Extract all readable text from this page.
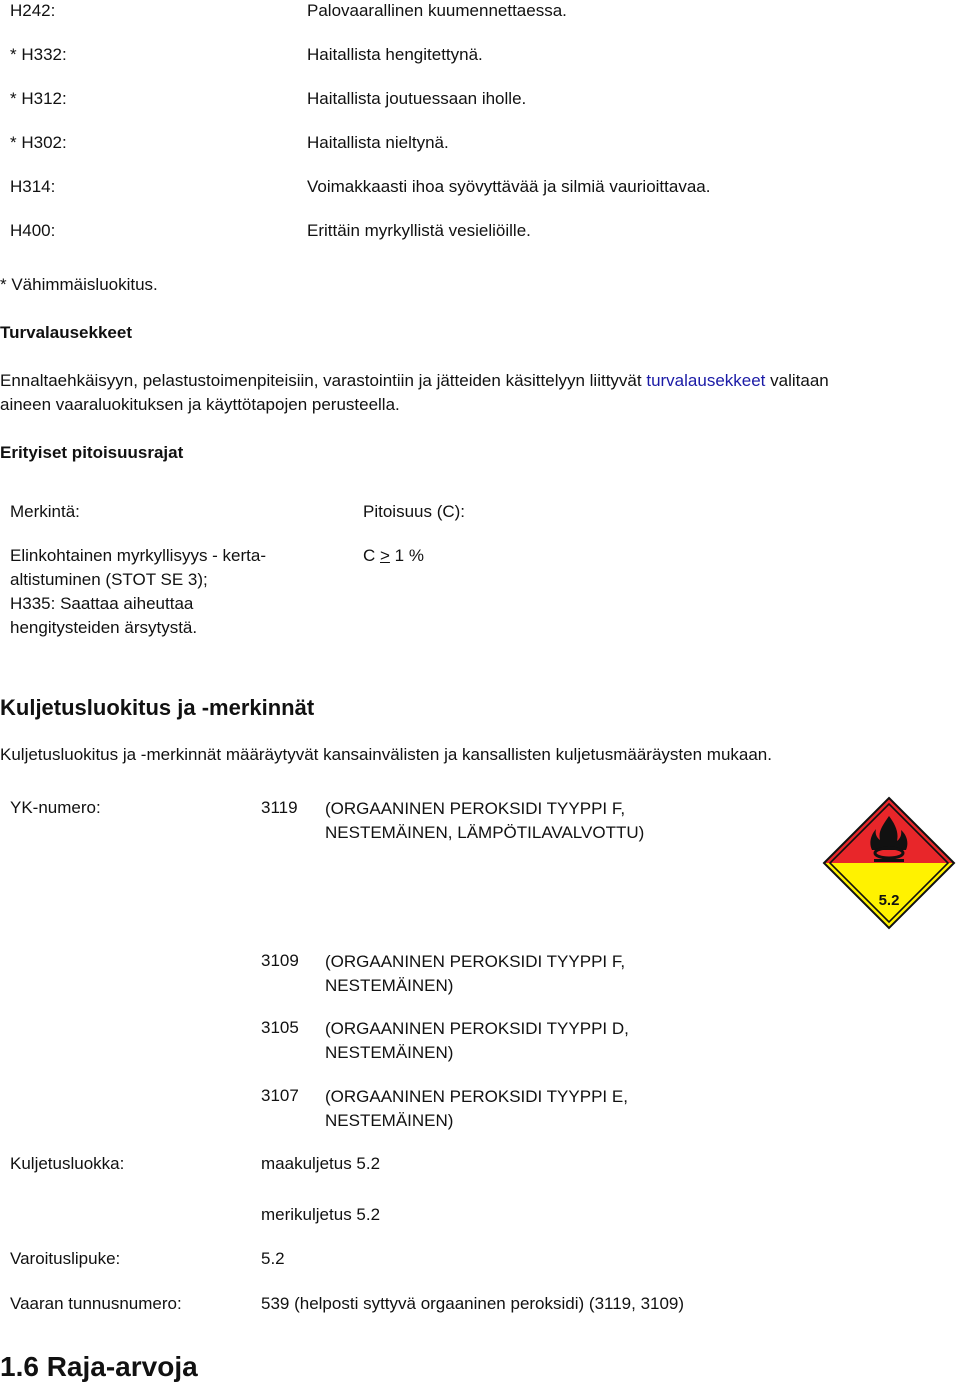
H242:	Palovaarallinen kuumennettaessa.
* H332:	Haitallista hengitettynä.
* H312:	Haitallista joutuessaan iholle.
* H302:	Haitallista nieltynä.
H314:	Voimakkaasti ihoa syövyttävää ja silmiä vaurioittavaa.
H400:	Erittäin myrkyllistä vesieliöille.
* Vähimmäisluokitus.
Turvalausekkeet
Ennaltaehkäisyyn, pelastustoimenpiteisiin, varastointiin ja jätteiden käsittelyyn liittyvät turvalausekkeet valitaan
aineen vaaraluokituksen ja käyttötapojen perusteella.
Erityiset pitoisuusrajat
Merkintä:	Pitoisuus (C):
Elinkohtainen myrkyllisyys - kerta-
altistuminen (STOT SE 3);
H335: Saattaa aiheuttaa
hengitysteiden ärsytystä.
C ≥ 1 %
Kuljetusluokitus ja -merkinnät
Kuljetusluokitus ja -merkinnät määräytyvät kansainvälisten ja kansallisten kuljetusmääräysten mukaan.
YK-numero:	3119 (ORGAANINEN PEROKSIDI TYYPPI F,
NESTEMÄINEN, LÄMPÖTILAVALVOTTU)
3109 (ORGAANINEN PEROKSIDI TYYPPI F,
NESTEMÄINEN)
3105 (ORGAANINEN PEROKSIDI TYYPPI D,
NESTEMÄINEN)
3107 (ORGAANINEN PEROKSIDI TYYPPI E,
NESTEMÄINEN)
Kuljetusluokka:	maakuljetus 5.2
merikuljetus 5.2
Varoituslipuke:	5.2
Vaaran tunnusnumero:	539 (helposti syttyvä orgaaninen peroksidi) (3119, 3109)
1.6 Raja-arvoja
5.2
